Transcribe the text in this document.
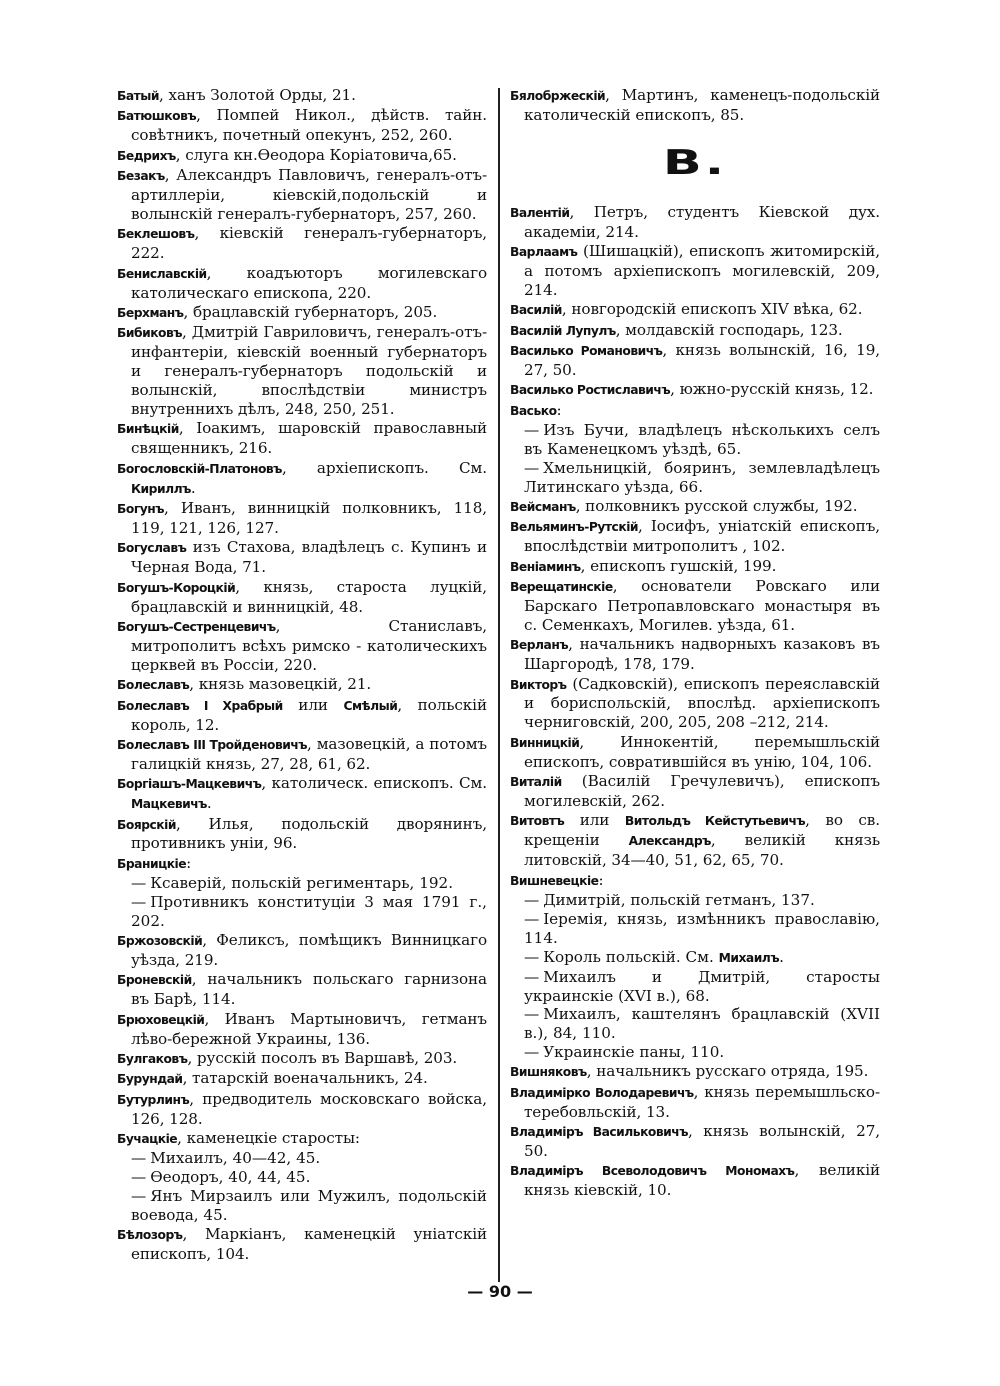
Батый, ханъ Золотой Орды, 21.
Батюшковъ, Помпей Никол., дѣйств. тайн. совѣтникъ, почетный опекунъ, 252, 260.
Бедрихъ, слуга кн.Өеодора Коріатовича,65.
Безакъ, Александръ Павловичъ, генералъ-отъ-артиллеріи, кіевскій,подольскій и волынскій генералъ-губернаторъ, 257, 260.
Беклешовъ, кіевскій генералъ-губернаторъ, 222.
Бениславскій, коадъюторъ могилевскаго католическаго епископа, 220.
Берхманъ, брацлавскій губернаторъ, 205.
Бибиковъ, Дмитрій Гавриловичъ, генералъ-отъ-инфантеріи, кіевскій военный губернаторъ и генералъ-губернаторъ подольскій и волынскій, впослѣдствіи министръ внутреннихъ дѣлъ, 248, 250, 251.
Бинѣцкій, Іоакимъ, шаровскій православный священникъ, 216.
Богословскій-Платоновъ, архіепископъ. См. Кириллъ.
Богунъ, Иванъ, винницкій полковникъ, 118, 119, 121, 126, 127.
Богуславъ изъ Стахова, владѣлецъ с. Купинъ и Черная Вода, 71.
Богушъ-Короцкій, князь, староста луцкій, брацлавскій и винницкій, 48.
Богушъ-Сестренцевичъ, Станиславъ, митрополитъ всѣхъ римско - католическихъ церквей въ Россіи, 220.
Болеславъ, князь мазовецкій, 21.
Болеславъ I Храбрый или Смѣлый, польскій король, 12.
Болеславъ III Тройденовичъ, мазовецкій, а потомъ галицкій князь, 27, 28, 61, 62.
Боргіашъ-Мацкевичъ, католическ. епископъ. См. Мацкевичъ.
Боярскій, Илья, подольскій дворянинъ, противникъ уніи, 96.
Браницкіе:
— Ксаверій, польскій региментарь, 192.
— Противникъ конституціи 3 мая 1791 г., 202.
Бржозовскій, Феликсъ, помѣщикъ Винницкаго уѣзда, 219.
Броневскій, начальникъ польскаго гарнизона въ Барѣ, 114.
Брюховецкій, Иванъ Мартыновичъ, гетманъ лѣво-бережной Украины, 136.
Булгаковъ, русскій посолъ въ Варшавѣ, 203.
Бурундай, татарскій военачальникъ, 24.
Бутурлинъ, предводитель московскаго войска, 126, 128.
Бучацкіе, каменецкіе старосты:
— Михаилъ, 40—42, 45.
— Өеодоръ, 40, 44, 45.
— Янъ Мирзаилъ или Мужилъ, подольскій воевода, 45.
Бѣлозоръ, Маркіанъ, каменецкій уніатскій епископъ, 104.
Бялобржескій, Мартинъ, каменецъ-подольскій католическій епископъ, 85.
В.
Валентій, Петръ, студентъ Кіевской дух. академіи, 214.
Варлаамъ (Шишацкій), епископъ житомирскій, а потомъ архіепископъ могилевскій, 209, 214.
Василій, новгородскій епископъ XIV вѣка, 62.
Василій Лупулъ, молдавскій господарь, 123.
Василько Романовичъ, князь волынскій, 16, 19, 27, 50.
Василько Ростиславичъ, южно-русскій князь, 12.
Васько:
— Изъ Бучи, владѣлецъ нѣсколькихъ селъ въ Каменецкомъ уѣздѣ, 65.
— Хмельницкій, бояринъ, землевладѣлецъ Литинскаго уѣзда, 66.
Вейсманъ, полковникъ русской службы, 192.
Вельяминъ-Рутскій, Іосифъ, уніатскій епископъ, впослѣдствіи митрополитъ , 102.
Веніаминъ, епископъ гушскій, 199.
Верещатинскіе, основатели Ровскаго или Барскаго Петропавловскаго монастыря въ с. Семенкахъ, Могилев. уѣзда, 61.
Верланъ, начальникъ надворныхъ казаковъ въ Шаргородѣ, 178, 179.
Викторъ (Садковскій), епископъ переяславскій и бориспольскій, впослѣд. архіепископъ черниговскій, 200, 205, 208 –212, 214.
Винницкій, Иннокентій, перемышльскій епископъ, совратившійся въ унію, 104, 106.
Виталій (Василій Гречулевичъ), епископъ могилевскій, 262.
Витовтъ или Витольдъ Кейстутьевичъ, во св. крещеніи Александръ, великій князь литовскій, 34—40, 51, 62, 65, 70.
Вишневецкіе:
— Димитрій, польскій гетманъ, 137.
— Іеремія, князь, измѣнникъ православію, 114.
— Король польскій. См. Михаилъ.
— Михаилъ и Дмитрій, старосты украинскіе (XVI в.), 68.
— Михаилъ, каштелянъ брацлавскій (XVII в.), 84, 110.
— Украинскіе паны, 110.
Вишняковъ, начальникъ русскаго отряда, 195.
Владимірко Володаревичъ, князь перемышльско-теребовльскій, 13.
Владиміръ Васильковичъ, князь волынскій, 27, 50.
Владиміръ Всеволодовичъ Мономахъ, великій князь кіевскій, 10.
— 90 —
